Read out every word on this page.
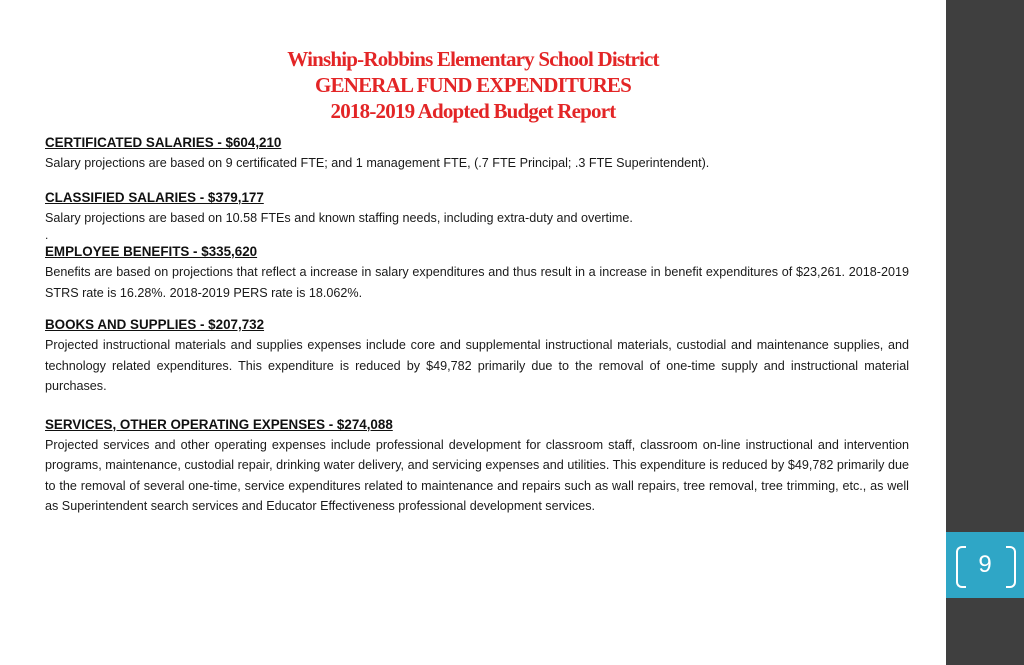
Winship-Robbins Elementary School District
GENERAL FUND EXPENDITURES
2018-2019 Adopted Budget Report
CERTIFICATED SALARIES - $604,210
Salary projections are based on 9 certificated FTE; and 1 management FTE, (.7 FTE Principal; .3 FTE Superintendent).
CLASSIFIED SALARIES - $379,177
Salary projections are based on 10.58 FTEs and known staffing needs, including extra-duty and overtime.
.
EMPLOYEE BENEFITS - $335,620
Benefits are based on projections that reflect a increase in salary expenditures and thus result in a increase in benefit expenditures of $23,261. 2018-2019 STRS rate is 16.28%. 2018-2019 PERS rate is 18.062%.
BOOKS AND SUPPLIES - $207,732
Projected instructional materials and supplies expenses include core and supplemental instructional materials, custodial and maintenance supplies, and technology related expenditures. This expenditure is reduced by $49,782 primarily due to the removal of one-time supply and instructional material purchases.
SERVICES, OTHER OPERATING EXPENSES - $274,088
Projected services and other operating expenses include professional development for classroom staff, classroom on-line instructional and intervention programs, maintenance, custodial repair, drinking water delivery, and servicing expenses and utilities. This expenditure is reduced by $49,782 primarily due to the removal of several one-time, service expenditures related to maintenance and repairs such as wall repairs, tree removal, tree trimming, etc., as well as Superintendent search services and Educator Effectiveness professional development services.
9
